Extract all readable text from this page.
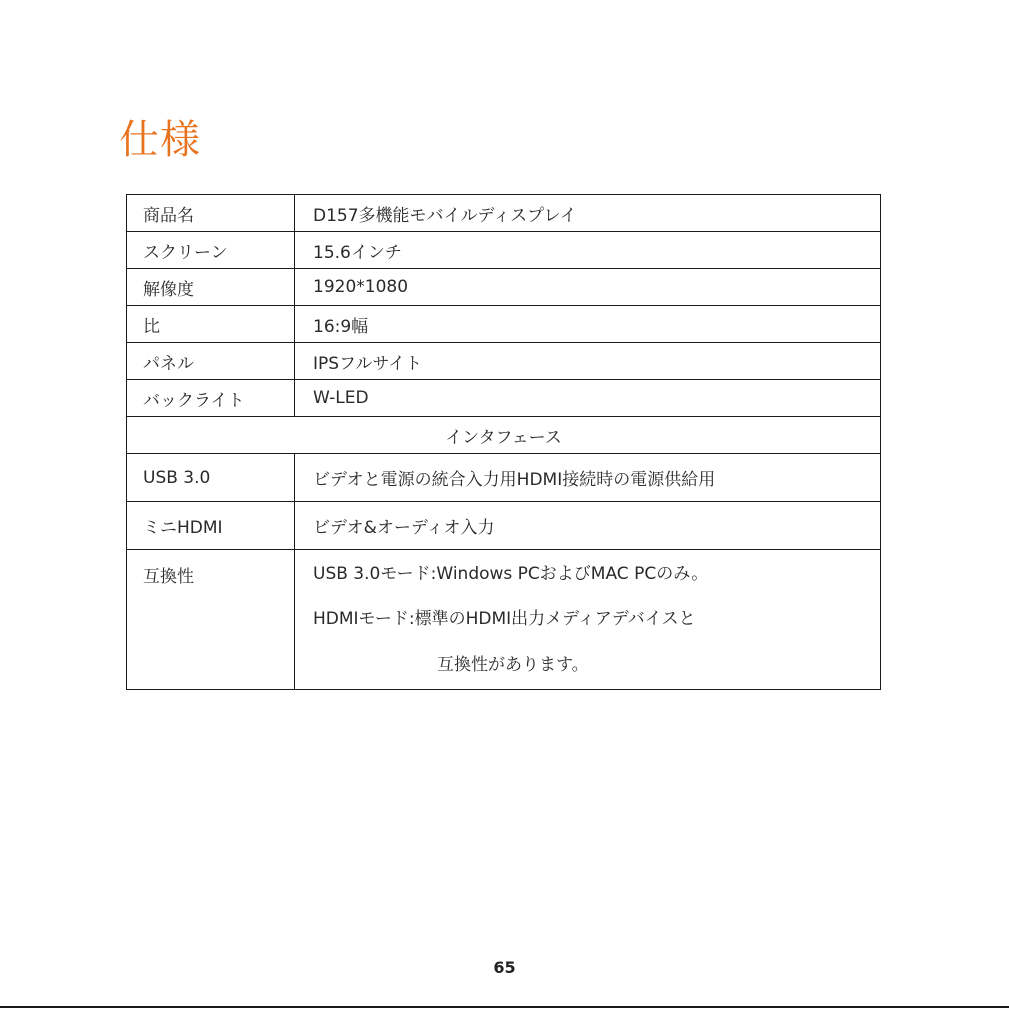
仕様
商品名	D157多機能モバイルディスプレイ
スクリーン	15.6インチ
解像度	1920*1080
比	16:9幅
パネル	IPSフルサイト
バックライト	W-LED
インタフェース	
USB 3.0	ビデオと電源の統合入力用HDMI接続時の電源供給用
ミニHDMI	ビデオ&オーディオ入力
互換性	USB 3.0モード:Windows PCおよびMAC PCのみ。
HDMIモード:標準のHDMI出力メディアデバイスと
互換性があります。
65
